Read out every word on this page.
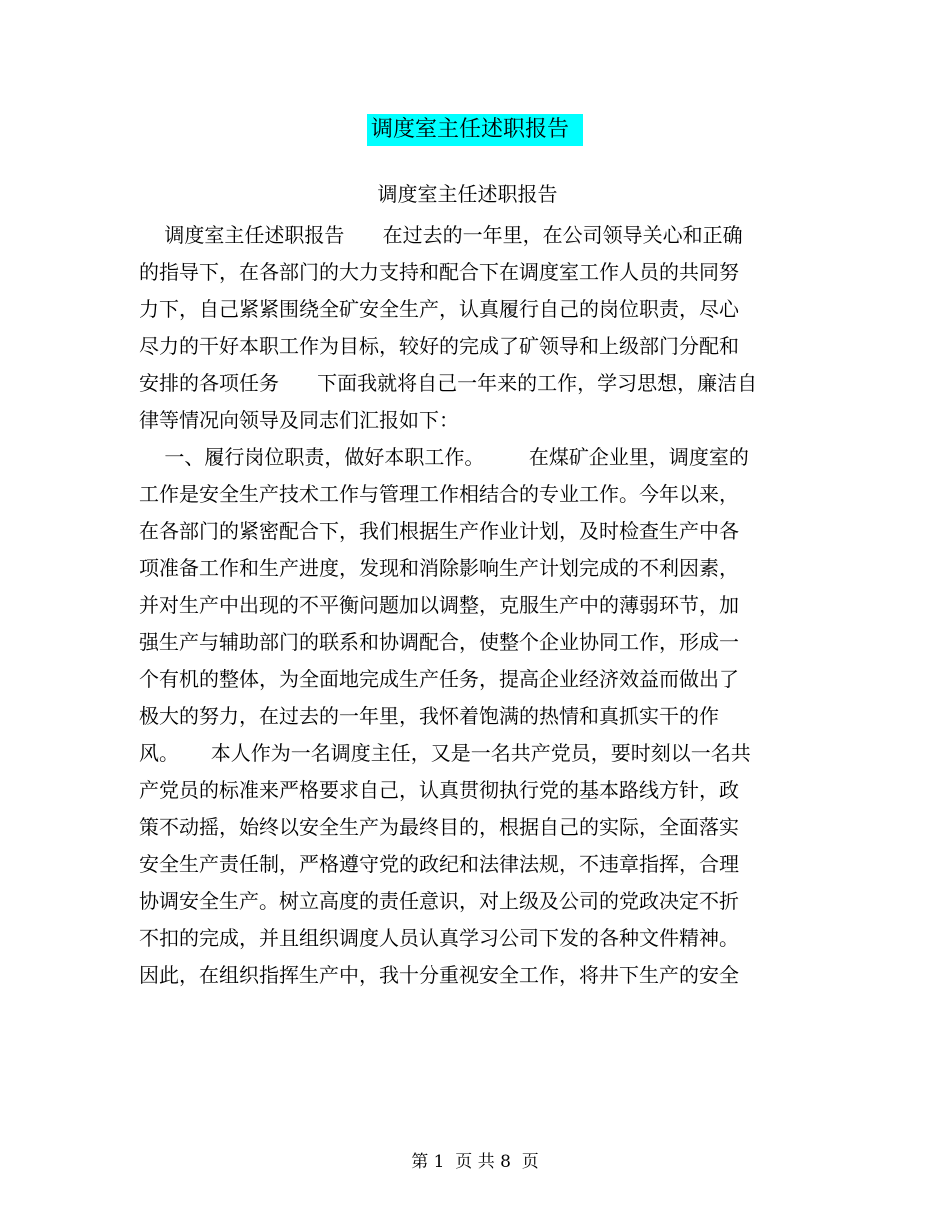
调度室主任述职报告
调度室主任述职报告
调度室主任述职报告      在过去的一年里，在公司领导关心和正确
的指导下，在各部门的大力支持和配合下在调度室工作人员的共同努
力下，自己紧紧围绕全矿安全生产，认真履行自己的岗位职责，尽心
尽力的干好本职工作为目标，较好的完成了矿领导和上级部门分配和
安排的各项任务      下面我就将自己一年来的工作，学习思想，廉洁自
律等情况向领导及同志们汇报如下：
一、履行岗位职责，做好本职工作。       在煤矿企业里，调度室的
工作是安全生产技术工作与管理工作相结合的专业工作。今年以来，
在各部门的紧密配合下，我们根据生产作业计划，及时检查生产中各
项准备工作和生产进度，发现和消除影响生产计划完成的不利因素，
并对生产中出现的不平衡问题加以调整，克服生产中的薄弱环节，加
强生产与辅助部门的联系和协调配合，使整个企业协同工作，形成一
个有机的整体，为全面地完成生产任务，提高企业经济效益而做出了
极大的努力，在过去的一年里，我怀着饱满的热情和真抓实干的作
风。     本人作为一名调度主任，又是一名共产党员，要时刻以一名共
产党员的标准来严格要求自己，认真贯彻执行党的基本路线方针，政
策不动摇，始终以安全生产为最终目的，根据自己的实际，全面落实
安全生产责任制，严格遵守党的政纪和法律法规，不违章指挥，合理
协调安全生产。树立高度的责任意识，对上级及公司的党政决定不折
不扣的完成，并且组织调度人员认真学习公司下发的各种文件精神。
因此，在组织指挥生产中，我十分重视安全工作，将井下生产的安全
第 1  页 共 8  页
